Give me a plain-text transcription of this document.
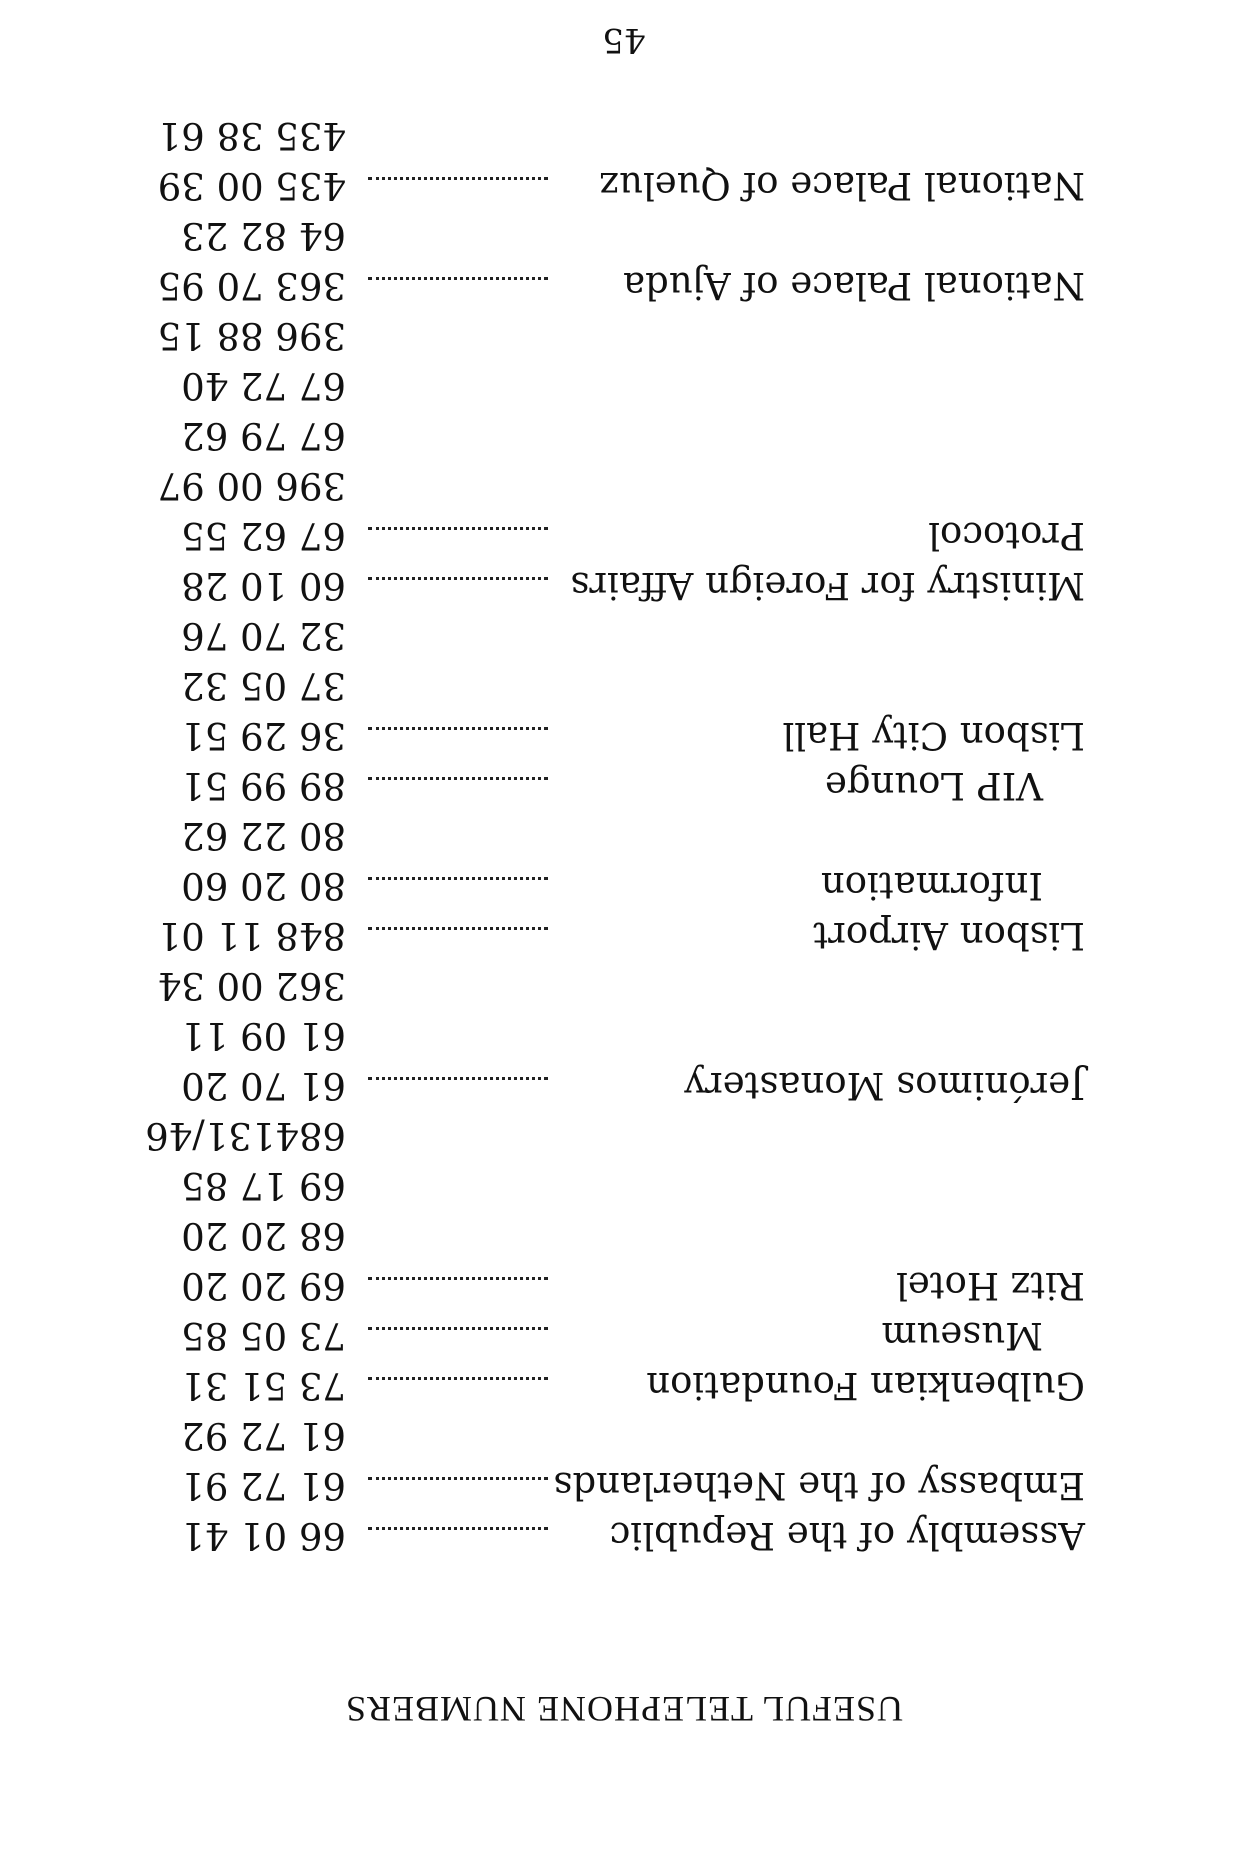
USEFUL TELEPHONE NUMBERS
Assembly of the Republic
66 01 41
Embassy of the Netherlands
61 72 91
61 72 92
Gulbenkian Foundation
73 51 31
Museum
73 05 85
Ritz Hotel
69 20 20
68 20 20
69 17 85
684131/46
Jerónimos Monastery
61 70 20
61 09 11
362 00 34
Lisbon Airport
848 11 01
Information
80 20 60
80 22 62
VIP Lounge
89 99 51
Lisbon City Hall
36 29 51
37 05 32
32 70 76
Ministry for Foreign Affairs
60 10 28
Protocol
67 62 55
396 00 97
67 79 62
67 72 40
396 88 15
National Palace of Ajuda
363 70 95
64 82 23
National Palace of Queluz
435 00 39
435 38 61
45
